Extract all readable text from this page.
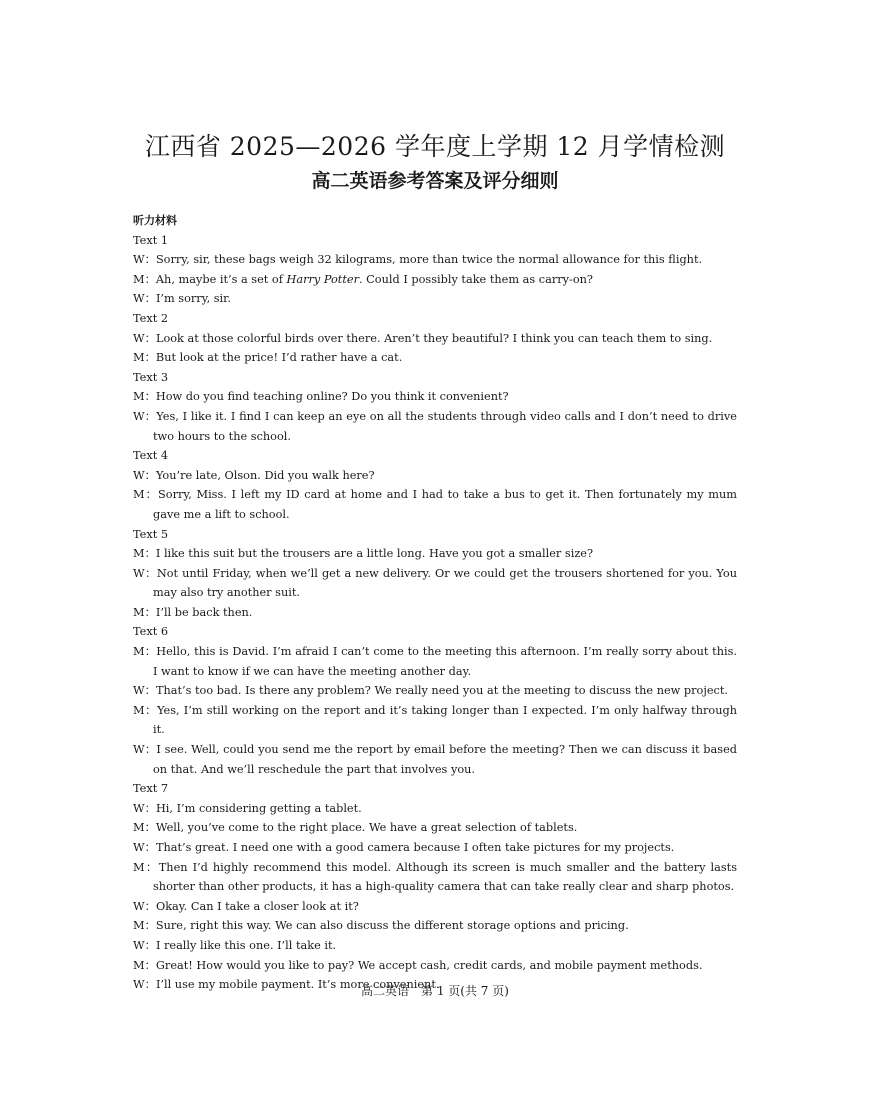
江西省 2025—2026 学年度上学期 12 月学情检测
高二英语参考答案及评分细则
听力材料
Text 1
W：Sorry, sir, these bags weigh 32 kilograms, more than twice the normal allowance for this flight.
M：Ah, maybe it’s a set of Harry Potter. Could I possibly take them as carry-on?
W：I’m sorry, sir.
Text 2
W：Look at those colorful birds over there. Aren’t they beautiful? I think you can teach them to sing.
M：But look at the price! I’d rather have a cat.
Text 3
M：How do you find teaching online? Do you think it convenient?
W：Yes, I like it. I find I can keep an eye on all the students through video calls and I don’t need to drive two hours to the school.
Text 4
W：You’re late, Olson. Did you walk here?
M：Sorry, Miss. I left my ID card at home and I had to take a bus to get it. Then fortunately my mum gave me a lift to school.
Text 5
M：I like this suit but the trousers are a little long. Have you got a smaller size?
W：Not until Friday, when we’ll get a new delivery. Or we could get the trousers shortened for you. You may also try another suit.
M：I’ll be back then.
Text 6
M：Hello, this is David. I’m afraid I can’t come to the meeting this afternoon. I’m really sorry about this. I want to know if we can have the meeting another day.
W：That’s too bad. Is there any problem? We really need you at the meeting to discuss the new project.
M：Yes, I’m still working on the report and it’s taking longer than I expected. I’m only halfway through it.
W：I see. Well, could you send me the report by email before the meeting? Then we can discuss it based on that. And we’ll reschedule the part that involves you.
Text 7
W：Hi, I’m considering getting a tablet.
M：Well, you’ve come to the right place. We have a great selection of tablets.
W：That’s great. I need one with a good camera because I often take pictures for my projects.
M：Then I’d highly recommend this model. Although its screen is much smaller and the battery lasts shorter than other products, it has a high-quality camera that can take really clear and sharp photos.
W：Okay. Can I take a closer look at it?
M：Sure, right this way. We can also discuss the different storage options and pricing.
W：I really like this one. I’ll take it.
M：Great! How would you like to pay? We accept cash, credit cards, and mobile payment methods.
W：I’ll use my mobile payment. It’s more convenient.
高二英语　第 1 页(共 7 页)
